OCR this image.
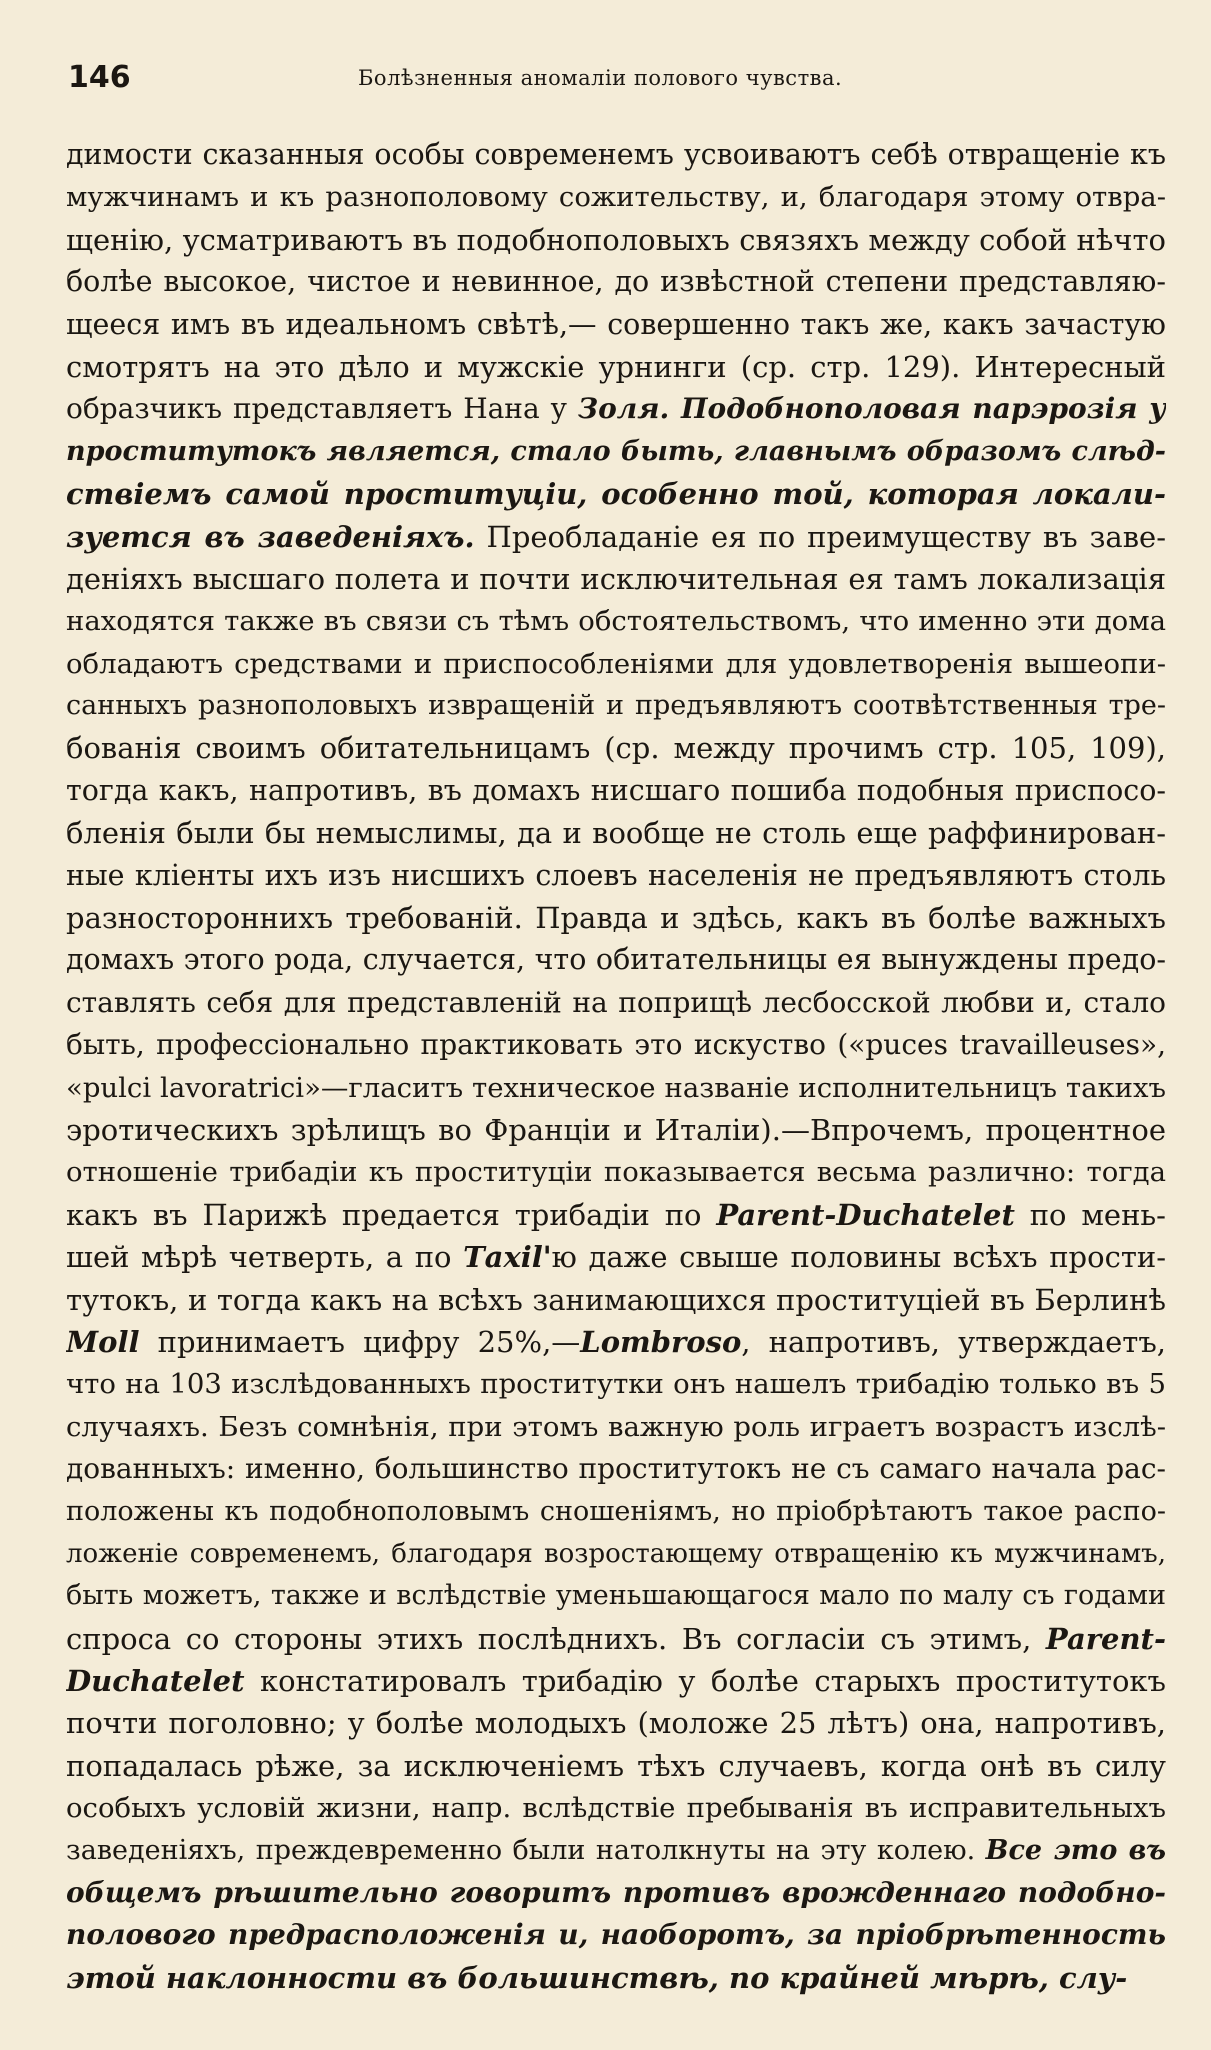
146	Болѣзненныя аномалiи полового чувства.
димости сказанныя особы современемъ усвоиваютъ себѣ отвращенiе къ
мужчинамъ и къ разнополовому сожительству, и, благодаря этому отвра-
щенiю, усматриваютъ въ подобнополовыхъ связяхъ между собой нѣчто
болѣе высокое, чистое и невинное, до извѣстной степени представляю-
щееся имъ въ идеальномъ свѣтѣ,— совершенно такъ же, какъ зачастую
смотрятъ на это дѣло и мужскiе урнинги (ср. стр. 129). Интересный
образчикъ представляетъ Нана у Золя. Подобнополовая парэрозiя у
проститутокъ является, стало быть, главнымъ образомъ слѣд-
ствiемъ самой проституцiи, особенно той, которая локали-
зуется въ заведенiяхъ. Преобладанiе ея по преимуществу въ заве-
денiяхъ высшаго полета и почти исключительная ея тамъ локализацiя
находятся также въ связи съ тѣмъ обстоятельствомъ, что именно эти дома
обладаютъ средствами и приспособленiями для удовлетворенiя вышеопи-
санныхъ разнополовыхъ извращенiй и предъявляютъ соотвѣтственныя тре-
бованiя своимъ обитательницамъ (ср. между прочимъ стр. 105, 109),
тогда какъ, напротивъ, въ домахъ нисшаго пошиба подобныя приспосо-
бленiя были бы немыслимы, да и вообще не столь еще раффинирован-
ные клiенты ихъ изъ нисшихъ слоевъ населенiя не предъявляютъ столь
разностороннихъ требованiй. Правда и здѣсь, какъ въ болѣе важныхъ
домахъ этого рода, случается, что обитательницы ея вынуждены предо-
ставлять себя для представленiй на поприщѣ лесбосской любви и, стало
быть, профессiонально практиковать это искуство («puces travailleuses»,
«pulci lavoratrici»—гласитъ техническое названiе исполнительницъ такихъ
эротическихъ зрѣлищъ во Францiи и Италiи).—Впрочемъ, процентное
отношенiе трибадiи къ проституцiи показывается весьма различно: тогда
какъ въ Парижѣ предается трибадiи по Parent-Duchatelet по мень-
шей мѣрѣ четверть, а по Тaxil'ю даже свыше половины всѣхъ прости-
тутокъ, и тогда какъ на всѣхъ занимающихся проституцiей въ Берлинѣ
Moll принимаетъ цифру 25%,—Lombroso, напротивъ, утверждаетъ,
что на 103 изслѣдованныхъ проститутки онъ нашелъ трибадiю только въ 5
случаяхъ. Безъ сомнѣнiя, при этомъ важную роль играетъ возрастъ изслѣ-
дованныхъ: именно, большинство проститутокъ не съ самаго начала рас-
положены къ подобнополовымъ сношенiямъ, но прiобрѣтаютъ такое распо-
ложенiе современемъ, благодаря возростающему отвращенiю къ мужчинамъ,
быть можетъ, также и вслѣдствiе уменьшающагося мало по малу съ годами
спроса со стороны этихъ послѣднихъ. Въ согласiи съ этимъ, Parent-
Duchatelet констатировалъ трибадiю у болѣе старыхъ проститутокъ
почти поголовно; у болѣе молодыхъ (моложе 25 лѣтъ) она, напротивъ,
попадалась рѣже, за исключенiемъ тѣхъ случаевъ, когда онѣ въ силу
особыхъ условiй жизни, напр. вслѣдствiе пребыванiя въ исправительныхъ
заведенiяхъ, преждевременно были натолкнуты на эту колею. Все это въ
общемъ рѣшительно говоритъ противъ врожденнаго подобно-
полового предрасположенiя и, наоборотъ, за прiобрѣтенность
этой наклонности въ большинствѣ, по крайней мѣрѣ, слу-
